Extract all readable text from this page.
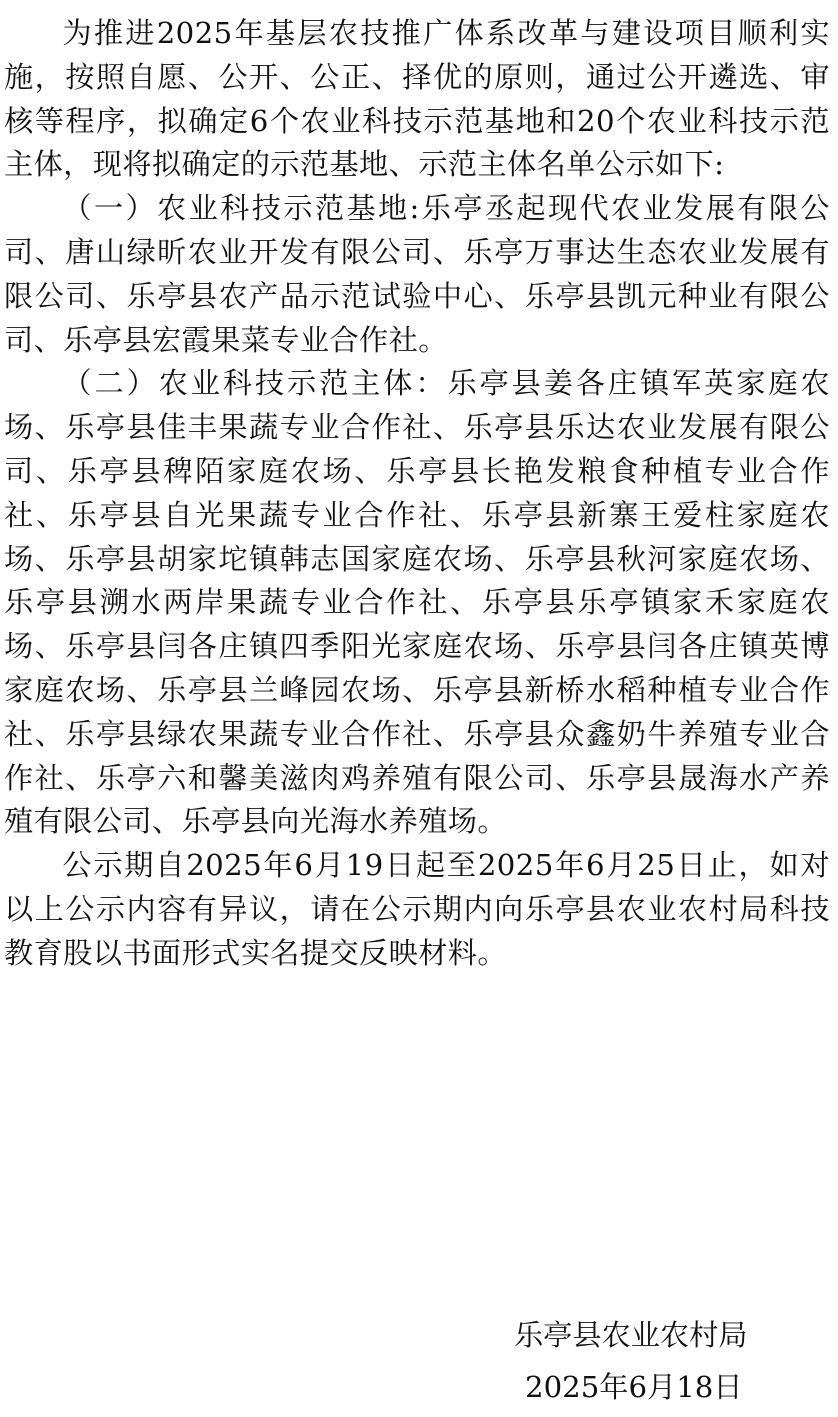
为推进2025年基层农技推广体系改革与建设项目顺利实施，按照自愿、公开、公正、择优的原则，通过公开遴选、审核等程序，拟确定6个农业科技示范基地和20个农业科技示范主体，现将拟确定的示范基地、示范主体名单公示如下:

（一）农业科技示范基地:乐亭丞起现代农业发展有限公司、唐山绿昕农业开发有限公司、乐亭万事达生态农业发展有限公司、乐亭县农产品示范试验中心、乐亭县凯元种业有限公司、乐亭县宏霞果菜专业合作社。

（二）农业科技示范主体：乐亭县姜各庄镇军英家庭农场、乐亭县佳丰果蔬专业合作社、乐亭县乐达农业发展有限公司、乐亭县稗陌家庭农场、乐亭县长艳发粮食种植专业合作社、乐亭县自光果蔬专业合作社、乐亭县新寨王爱柱家庭农场、乐亭县胡家坨镇韩志国家庭农场、乐亭县秋河家庭农场、乐亭县溯水两岸果蔬专业合作社、乐亭县乐亭镇家禾家庭农场、乐亭县闫各庄镇四季阳光家庭农场、乐亭县闫各庄镇英博家庭农场、乐亭县兰峰园农场、乐亭县新桥水稻种植专业合作社、乐亭县绿农果蔬专业合作社、乐亭县众鑫奶牛养殖专业合作社、乐亭六和馨美滋肉鸡养殖有限公司、乐亭县晟海水产养殖有限公司、乐亭县向光海水养殖场。

公示期自2025年6月19日起至2025年6月25日止，如对以上公示内容有异议，请在公示期内向乐亭县农业农村局科技教育股以书面形式实名提交反映材料。

乐亭县农业农村局
2025年6月18日
